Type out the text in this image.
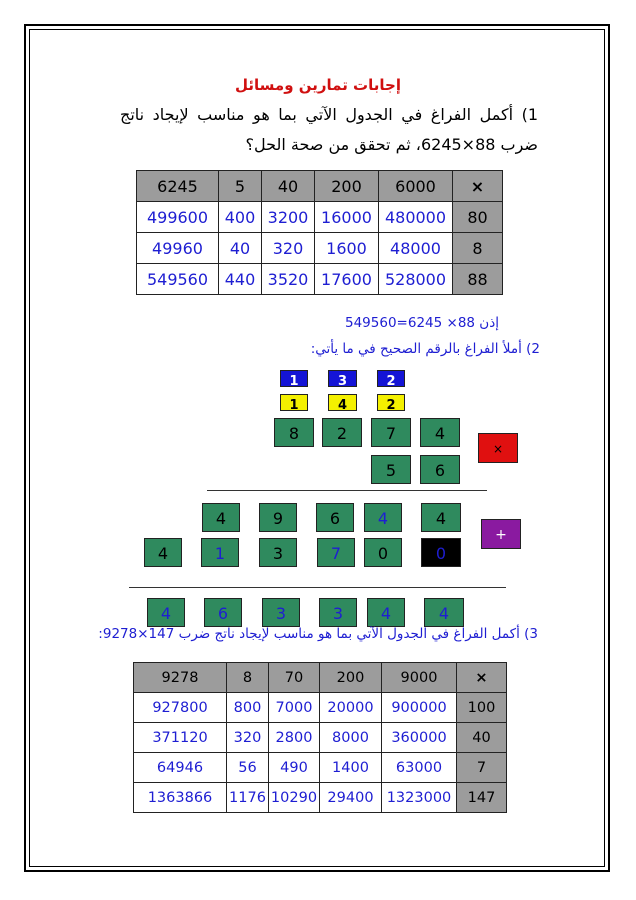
إجابات تمارين ومسائل
1) أكمل الفراغ في الجدول الآتي بما هو مناسب لإيجاد ناتج ضرب 88×6245، ثم تحقق من صحة الحل؟
6245	5	40	200	6000	×
499600	400	3200	16000	480000	80
49960	40	320	1600	48000	8
549560	440	3520	17600	528000	88
إذن 88× 6245=549560
2) أملأ الفراغ بالرقم الصحيح في ما يأتي:
1	3	2
1	4	2
8	2	7	4
×
5	6
4	9	6	4	4
+
4	1	3	7	0	0
4	6	3	3	4	4
3) أكمل الفراغ في الجدول الآتي بما هو مناسب لإيجاد ناتج ضرب 147×9278:
9278	8	70	200	9000	×
927800	800	7000	20000	900000	100
371120	320	2800	8000	360000	40
64946	56	490	1400	63000	7
1363866	1176	10290	29400	1323000	147
